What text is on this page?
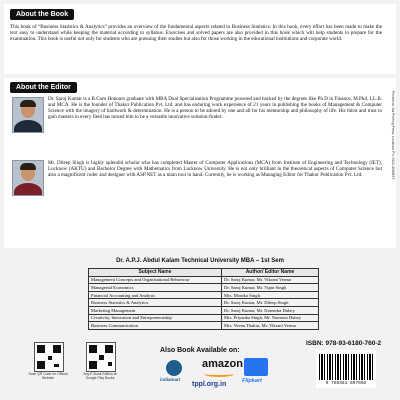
About the Book
This book of “Business Statistics & Analytics” provides an overview of the fundamental aspects related to Business Statistics. In this book, every effort has been made to make the text easy to understand while keeping the material according to syllabus. Exercises and solved papers are also provided in this book which will help students to prepare for the examination. This book is useful not only for students who are pursuing their studies but also for those working in the educational institutions and corporate world.
About the Editor
Dr. Saroj Kumar is a B.Com Honours graduate with MBA Dual Specialisation Programme powered and backed by the degrees like Ph.D in Finance, M.Phil, LL.B. and MCA. He is the founder of Thakur Publication Pvt. Ltd. and has enduring work experience of 21 years in publishing the books of Management & Computer Science with the imagery of hardwork & determination. He is a person to be adored by one and all for his mentorship and philosophy of life. His thirst and trust to gain masters in every field has turned him to be a versatile innovative solution-finder.
Mr. Dileep Singh is highly splendid scholar who has completed Master of Computer Applications (MCA) from Institute of Engineering and Technology (IET), Lucknow (AKTU) and Bachelor Degree with Mathematics from Lucknow University. He is not only brilliant in the theoretical aspects of Computer Science but also a magnificent coder and designer with ASP.NET as a main tool in hand. Currently, he is working as Managing Editor for Thakur Publication Pvt. Ltd.	Printed at: Sai Printing Press, Lucknow. Ph: 0522-4065657
Dr. A.P.J. Abdul Kalam Technical University MBA – 1st Sem
Subject Name	Author/ Editor Name
Management Concepts and Organisational Behaviour	Dr. Saroj Kumar, Mr. Vikrant Verma
Managerial Economics	Dr. Saroj Kumar, Mr. Vipin Singh
Financial Accounting and Analysis	Mrs. Monika Singh
Business Statistics & Analytics	Dr. Saroj Kumar, Mr. Dileep Singh
Marketing Management	Dr. Saroj Kumar, Mr. Narendra Dubey
Creativity, Innovation and Entrepreneurship	Mrs. Priyanka Singh, Mr. Namrata Dubey
Business Communication	Mrs. Veenu Thakur, Mr. Vikrant Verma
Scan QR Code for Official Website
Buy E-Book Edition at Google Play Books
Also Book Available on:
indiamart
amazon
tppl.org.in	Flipkart
ISBN: 978-93-6180-760-2
9 789361 807602
